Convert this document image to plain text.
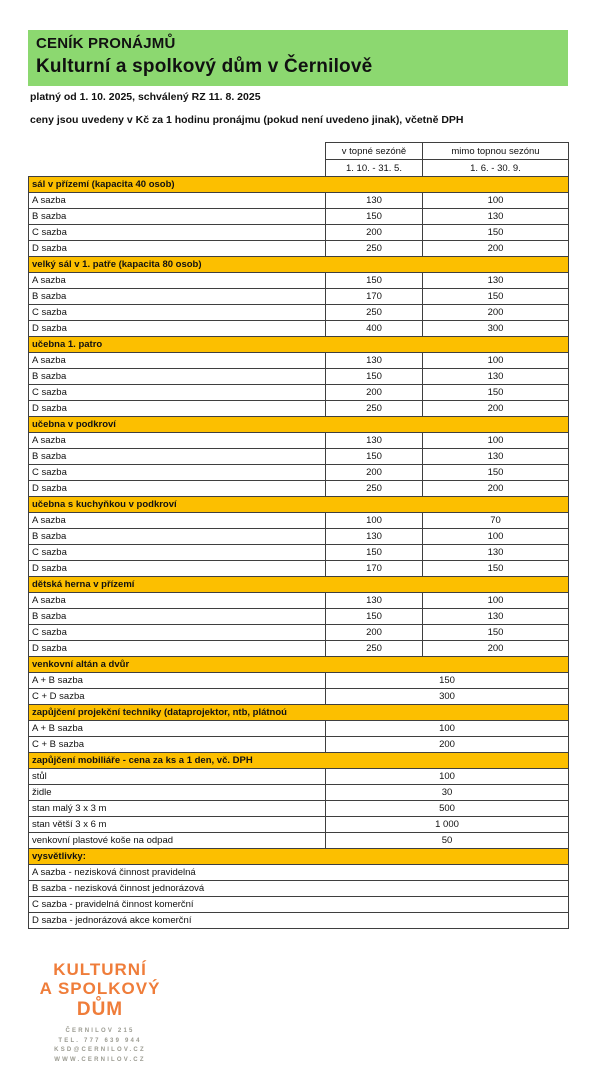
CENÍK PRONÁJMŮ
Kulturní a spolkový dům v Černilově
platný od 1. 10. 2025, schválený RZ 11. 8. 2025
ceny jsou uvedeny v Kč za 1 hodinu pronájmu (pokud není uvedeno jinak), včetně DPH
	v topné sezóně	mimo topnou sezónu
	1. 10. - 31. 5.	1. 6. - 30. 9.
sál v přízemí (kapacita 40 osob)		
A sazba	130	100
B sazba	150	130
C sazba	200	150
D sazba	250	200
velký sál v 1. patře (kapacita 80 osob)		
A sazba	150	130
B sazba	170	150
C sazba	250	200
D sazba	400	300
učebna 1. patro		
A sazba	130	100
B sazba	150	130
C sazba	200	150
D sazba	250	200
učebna v podkroví		
A sazba	130	100
B sazba	150	130
C sazba	200	150
D sazba	250	200
učebna s kuchyňkou v podkroví		
A sazba	100	70
B sazba	130	100
C sazba	150	130
D sazba	170	150
dětská herna v přízemí		
A sazba	130	100
B sazba	150	130
C sazba	200	150
D sazba	250	200
venkovní altán a dvůr		
A + B sazba	150	
C + D sazba	300	
zapůjčení projekční techniky (dataprojektor, ntb, plátnoú		
A + B sazba	100	
C + B sazba	200	
zapůjčení mobiliáře - cena za ks a 1 den, vč. DPH		
stůl	100	
židle	30	
stan malý 3 x 3 m	500	
stan větší 3 x 6 m	1 000	
venkovní plastové koše na odpad	50	
vysvětlivky:		
A sazba - nezisková činnost pravidelná		
B sazba - nezisková činnost jednorázová		
C sazba - pravidelná činnost komerční		
D sazba - jednorázová akce komerční		
KULTURNÍ
A SPOLKOVÝ
DŮM
ČERNILOV 215
TEL. 777 639 944
KSD@CERNILOV.CZ
WWW.CERNILOV.CZ
